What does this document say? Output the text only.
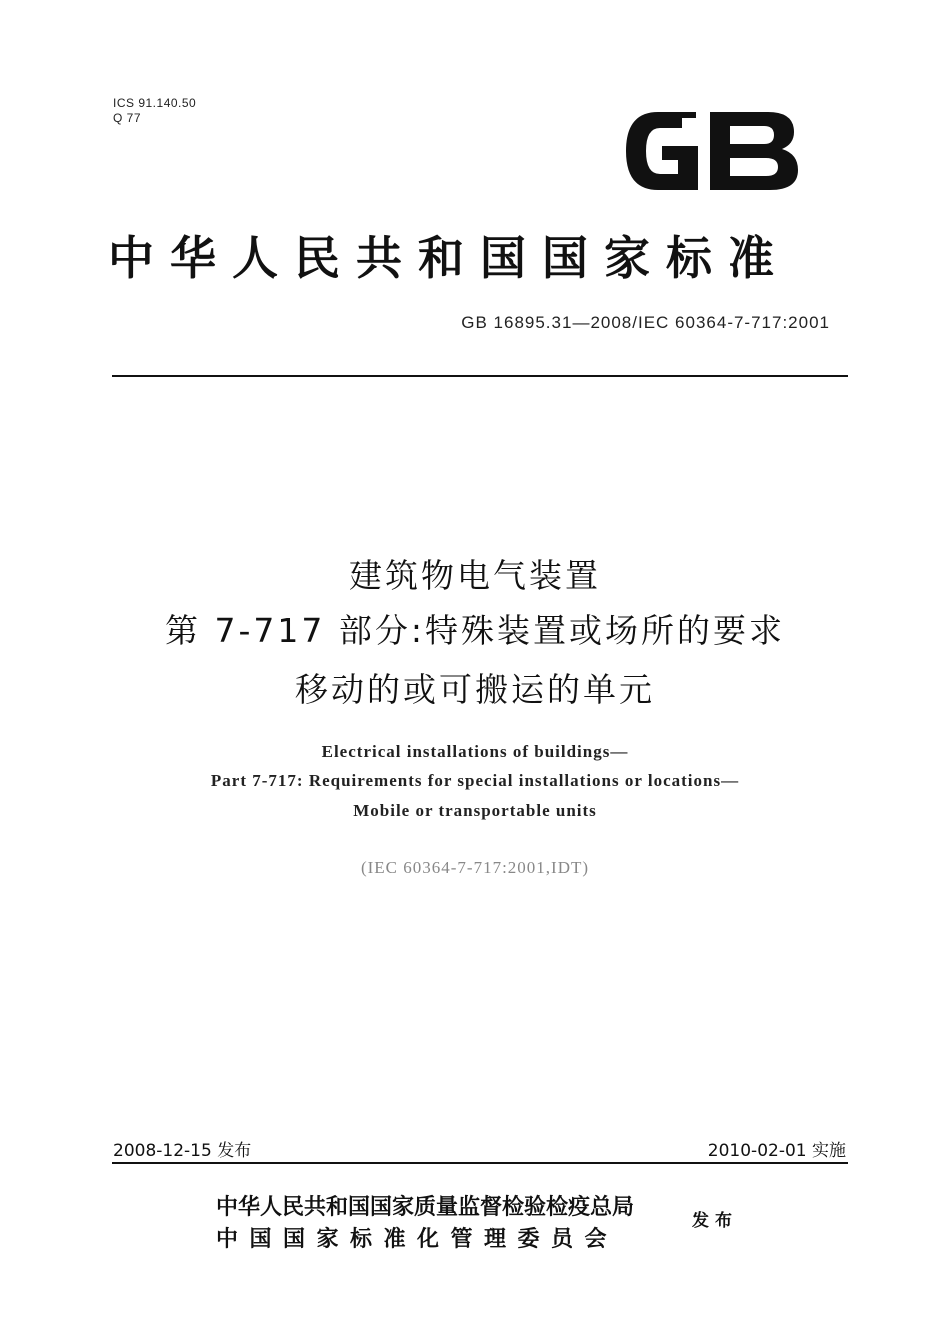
ICS 91.140.50
Q 77
中华人民共和国国家标准
GB 16895.31—2008/IEC 60364-7-717:2001
建筑物电气装置
第 7-717 部分:特殊装置或场所的要求
移动的或可搬运的单元
Electrical installations of buildings—
Part 7-717: Requirements for special installations or locations—
Mobile or transportable units
(IEC 60364-7-717:2001,IDT)
2008-12-15 发布	2010-02-01 实施
中华人民共和国国家质量监督检验检疫总局
中国国家标准化管理委员会
发布
